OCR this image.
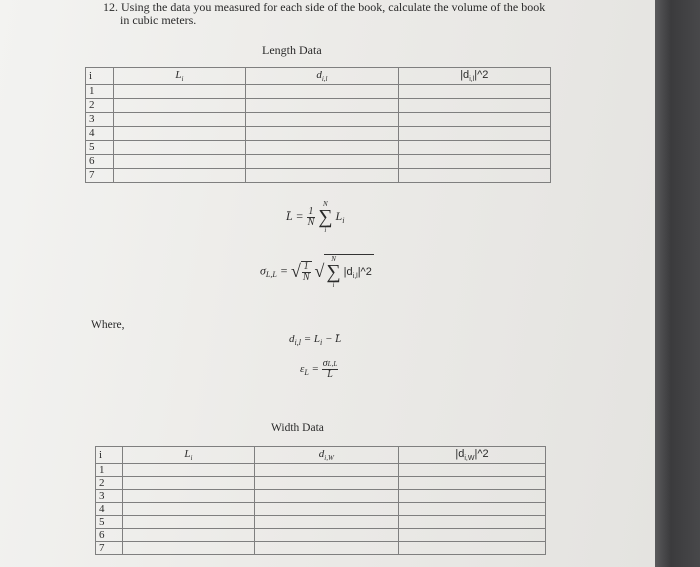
12. Using the data you measured for each side of the book, calculate the volume of the book
in cubic meters.
Length Data
i	$L_i$	$d_{i,l}$	$|d_{i,l}|\^{}2$
1			
2			
3			
4			
5			
6			
7			
L̄ = $\frac{1}{N}$

N
∑
i
$L_i$
$\sigma_{L,L}$ = √ $\frac{1}{N}$ √
N
∑
i
$|d_{i,l}|\^{}2$
Where,
$d_{i,l} = L_i$ − L̄
$\varepsilon_L = \frac{\sigma L,L}{L̄}$
Width Data
i	$L_i$	$d_{i,W}$	$|d_{i,W}|\^{}2$
1			
2			
3			
4			
5			
6			
7			
